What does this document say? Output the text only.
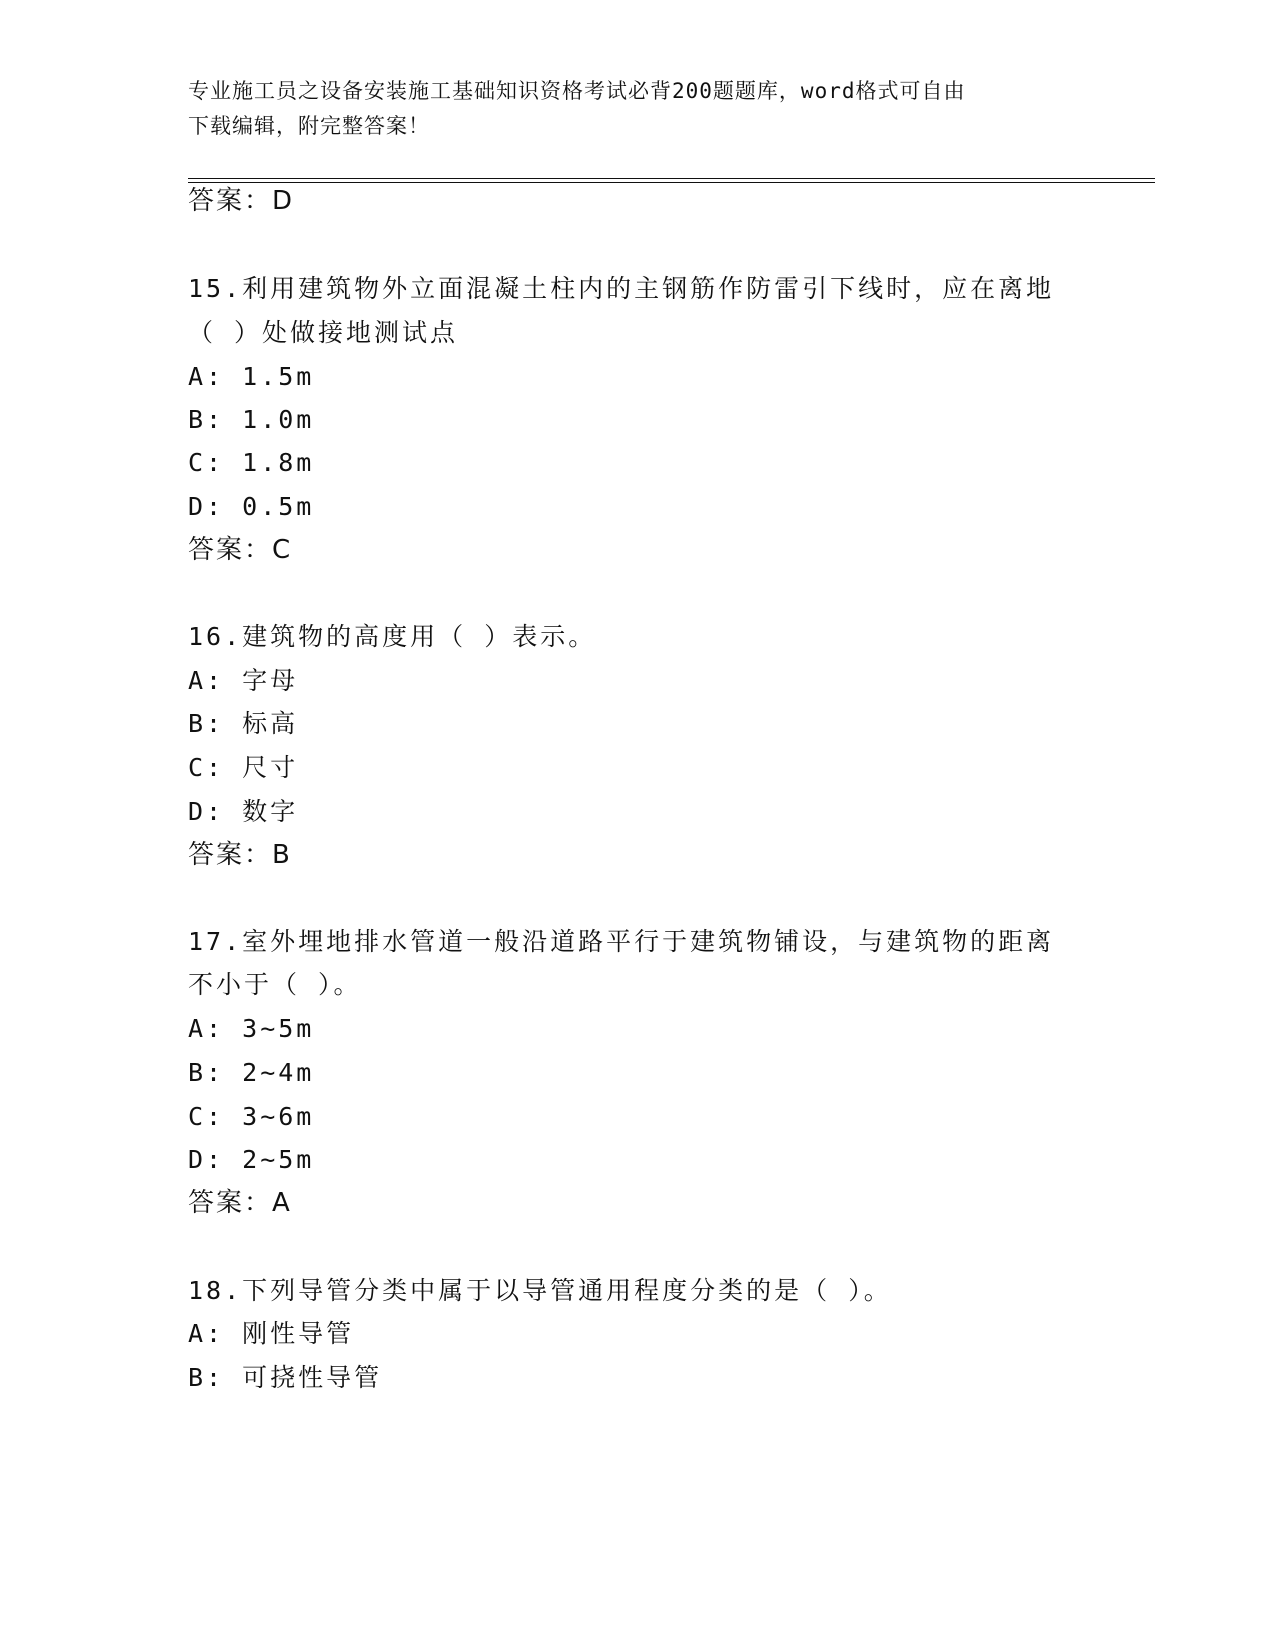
专业施工员之设备安装施工基础知识资格考试必背200题题库，word格式可自由
下载编辑，附完整答案！
答案：D
15.利用建筑物外立面混凝土柱内的主钢筋作防雷引下线时，应在离地
（ ）处做接地测试点
A: 1.5m
B: 1.0m
C: 1.8m
D: 0.5m
答案：C
16.建筑物的高度用（ ）表示。
A: 字母
B: 标高
C: 尺寸
D: 数字
答案：B
17.室外埋地排水管道一般沿道路平行于建筑物铺设，与建筑物的距离
不小于（ ）。
A: 3~5m
B: 2~4m
C: 3~6m
D: 2~5m
答案：A
18.下列导管分类中属于以导管通用程度分类的是（ ）。
A: 刚性导管
B: 可挠性导管
